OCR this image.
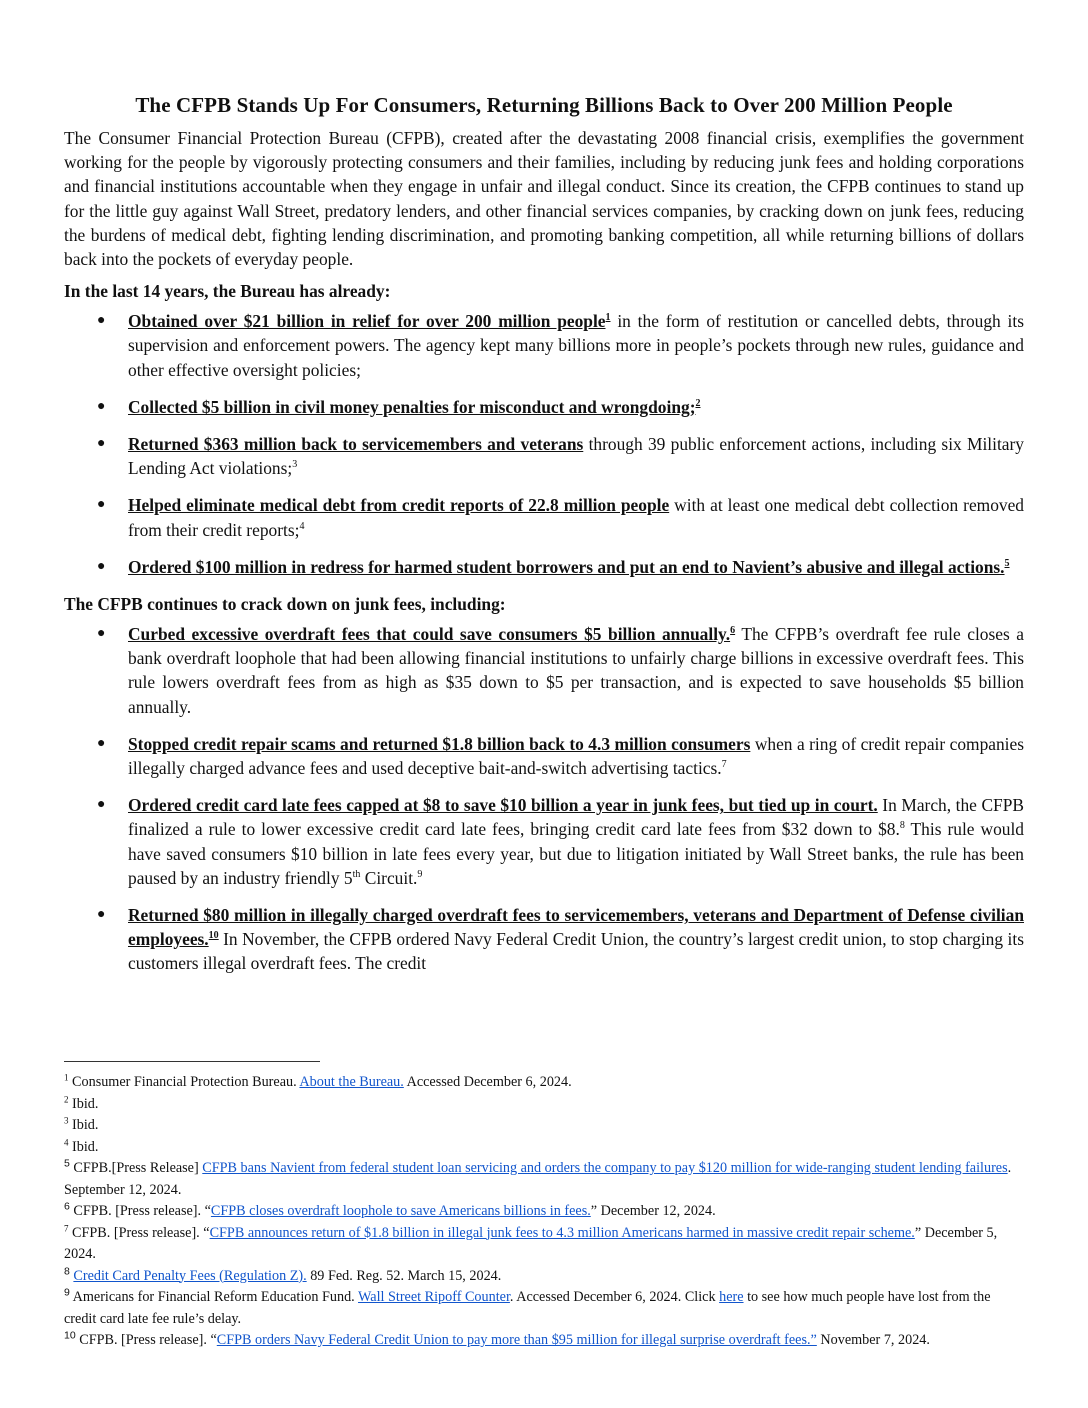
The CFPB Stands Up For Consumers, Returning Billions Back to Over 200 Million People

The Consumer Financial Protection Bureau (CFPB), created after the devastating 2008 financial crisis, exemplifies the government working for the people by vigorously protecting consumers and their families, including by reducing junk fees and holding corporations and financial institutions accountable when they engage in unfair and illegal conduct. Since its creation, the CFPB continues to stand up for the little guy against Wall Street, predatory lenders, and other financial services companies, by cracking down on junk fees, reducing the burdens of medical debt, fighting lending discrimination, and promoting banking competition, all while returning billions of dollars back into the pockets of everyday people.

In the last 14 years, the Bureau has already:

● Obtained over $21 billion in relief for over 200 million people$^1$ in the form of restitution or cancelled debts, through its supervision and enforcement powers. The agency kept many billions more in people’s pockets through new rules, guidance and other effective oversight policies;
● Collected $5 billion in civil money penalties for misconduct and wrongdoing;$^2$
● Returned $363 million back to servicemembers and veterans through 39 public enforcement actions, including six Military Lending Act violations;$^3$
● Helped eliminate medical debt from credit reports of 22.8 million people with at least one medical debt collection removed from their credit reports;$^4$
● Ordered $100 million in redress for harmed student borrowers and put an end to Navient’s abusive and illegal actions.$^5$

The CFPB continues to crack down on junk fees, including:

● Curbed excessive overdraft fees that could save consumers $5 billion annually.$^6$ The CFPB’s overdraft fee rule closes a bank overdraft loophole that had been allowing financial institutions to unfairly charge billions in excessive overdraft fees. This rule lowers overdraft fees from as high as $35 down to $5 per transaction, and is expected to save households $5 billion annually.
● Stopped credit repair scams and returned $1.8 billion back to 4.3 million consumers when a ring of credit repair companies illegally charged advance fees and used deceptive bait-and-switch advertising tactics.$^7$
● Ordered credit card late fees capped at $8 to save $10 billion a year in junk fees, but tied up in court. In March, the CFPB finalized a rule to lower excessive credit card late fees, bringing credit card late fees from $32 down to $8.$^8$ This rule would have saved consumers $10 billion in late fees every year, but due to litigation initiated by Wall Street banks, the rule has been paused by an industry friendly 5th Circuit.$^9$
● Returned $80 million in illegally charged overdraft fees to servicemembers, veterans and Department of Defense civilian employees.$^{10}$ In November, the CFPB ordered Navy Federal Credit Union, the country’s largest credit union, to stop charging its customers illegal overdraft fees. The credit

$^1$ Consumer Financial Protection Bureau. About the Bureau. Accessed December 6, 2024.

$^2$ Ibid.

$^3$ Ibid.

$^4$ Ibid.

$^5$ CFPB.[Press Release] CFPB bans Navient from federal student loan servicing and orders the company to pay $120 million for wide-ranging student lending failures. September 12, 2024.

$^6$ CFPB. [Press release]. “CFPB closes overdraft loophole to save Americans billions in fees.” December 12, 2024.

$^7$ CFPB. [Press release]. “CFPB announces return of $1.8 billion in illegal junk fees to 4.3 million Americans harmed in massive credit repair scheme.” December 5, 2024.

$^8$ Credit Card Penalty Fees (Regulation Z). 89 Fed. Reg. 52. March 15, 2024.

$^9$ Americans for Financial Reform Education Fund. Wall Street Ripoff Counter. Accessed December 6, 2024. Click here to see how much people have lost from the credit card late fee rule’s delay.

$^{10}$ CFPB. [Press release]. “CFPB orders Navy Federal Credit Union to pay more than $95 million for illegal surprise overdraft fees.” November 7, 2024.
